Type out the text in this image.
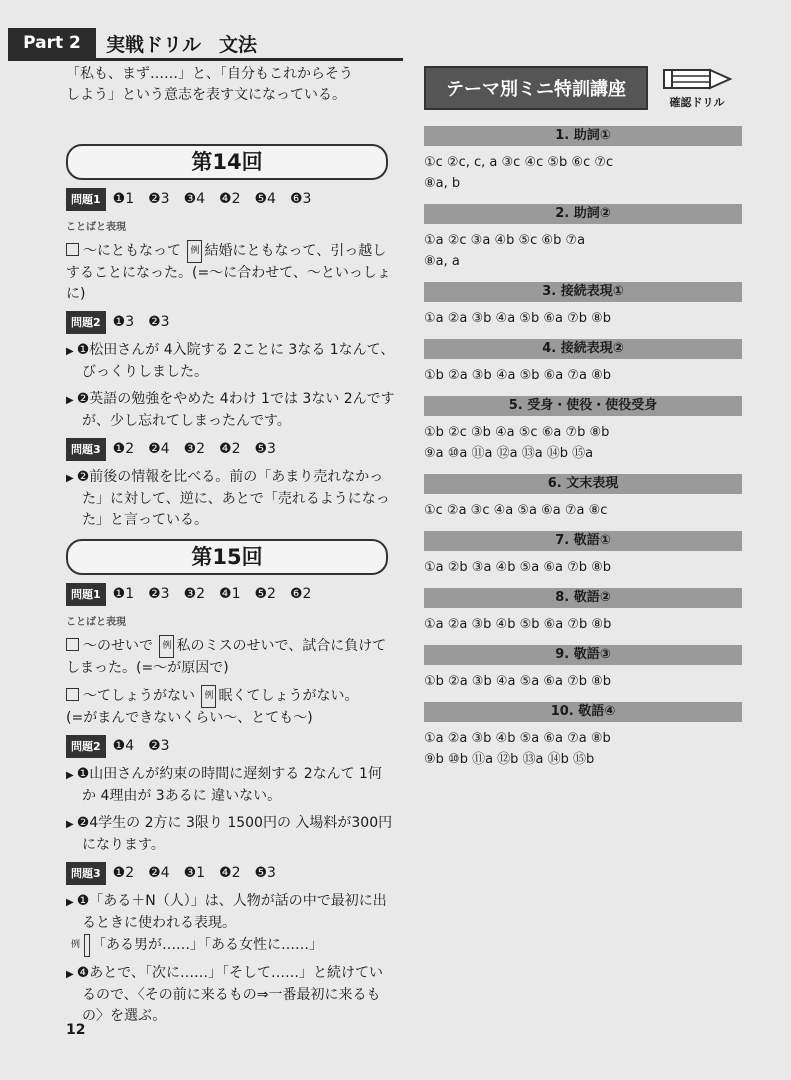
Part 2	実戦ドリル 文法

「私も、まず……」と、「自分もこれからそう

しよう」という意志を表す文になっている。

第14回
問題1 ❶1　❷3　❸4　❹2　❺4　❻3
ことばと表現
〜にともなって 例 結婚にともなって、引っ越しすることになった。(=〜に合わせて、〜といっしょに)
問題2 ❶3　❷3
▶ ❶松田さんが 4入院する 2ことに 3なる 1なんて、びっくりしました。
▶ ❷英語の勉強をやめた 4わけ 1では 3ない 2んですが、少し忘れてしまったんです。
問題3 ❶2　❷4　❸2　❹2　❺3
▶ ❷前後の情報を比べる。前の「あまり売れなかった」に対して、逆に、あとで「売れるようになった」と言っている。
第15回
問題1 ❶1　❷3　❸2　❹1　❺2　❻2
ことばと表現
〜のせいで 例 私のミスのせいで、試合に負けてしまった。(=〜が原因で)
〜てしょうがない 例 眠くてしょうがない。
(=がまんできないくらい〜、とても〜)
問題2 ❶4　❷3
▶ ❶山田さんが約束の時間に遅刻する 2なんて 1何か 4理由が 3あるに 違いない。
▶ ❷4学生の 2方に 3限り 1500円の 入場料が300円になります。
問題3 ❶2　❷4　❸1　❹2　❺3
▶ ❶「ある＋N（人）」は、人物が話の中で最初に出るときに使われる表現。
例 「ある男が……」「ある女性に……」
▶ ❹あとで、「次に……」「そして……」と続けているので、〈その前に来るもの⇒一番最初に来るもの〉を選ぶ。
テーマ別ミニ特訓講座
確認ドリル
1. 助詞①
①c ②c, c, a ③c ④c ⑤b ⑥c ⑦c
⑧a, b
2. 助詞②
①a ②c ③a ④b ⑤c ⑥b ⑦a
⑧a, a
3. 接続表現①
①a ②a ③b ④a ⑤b ⑥a ⑦b ⑧b
4. 接続表現②
①b ②a ③b ④a ⑤b ⑥a ⑦a ⑧b
5. 受身・使役・使役受身
①b ②c ③b ④a ⑤c ⑥a ⑦b ⑧b
⑨a ⑩a ⑪a ⑫a ⑬a ⑭b ⑮a
6. 文末表現
①c ②a ③c ④a ⑤a ⑥a ⑦a ⑧c
7. 敬語①
①a ②b ③a ④b ⑤a ⑥a ⑦b ⑧b
8. 敬語②
①a ②a ③b ④b ⑤b ⑥a ⑦b ⑧b
9. 敬語③
①b ②a ③b ④a ⑤a ⑥a ⑦b ⑧b
10. 敬語④
①a ②a ③b ④b ⑤a ⑥a ⑦a ⑧b
⑨b ⑩b ⑪a ⑫b ⑬a ⑭b ⑮b
12
